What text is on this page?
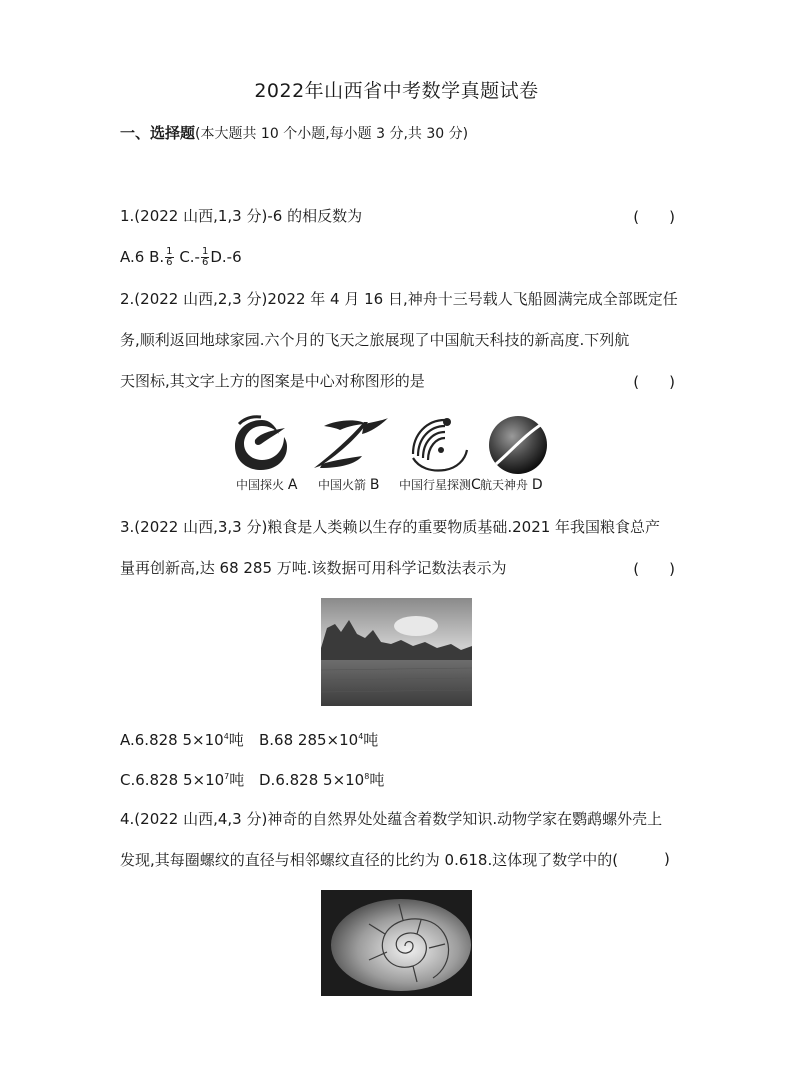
2022年山西省中考数学真题试卷
一、选择题(本大题共 10 个小题,每小题 3 分,共 30 分)
1.(2022 山西,1,3 分)-6 的相反数为	(　　)
A.6 B. $\frac{1}{6} C.- \frac{1}{6} D.-6$
2.(2022 山西,2,3 分)2022 年 4 月 16 日,神舟十三号载人飞船圆满完成全部既定任
务,顺利返回地球家园.六个月的飞天之旅展现了中国航天科技的新高度.下列航
天图标,其文字上方的图案是中心对称图形的是	(　　)
中国探火 A 中国火箭 B 中国行星探测C 航天神舟 D
3.(2022 山西,3,3 分)粮食是人类赖以生存的重要物质基础.2021 年我国粮食总产
量再创新高,达 68 285 万吨.该数据可用科学记数法表示为	(　　)
A.6.828 $5\times 10^4$吨 B.68 $285\times 10^4$吨
C.6.828 $5\times 10^7$吨 D.6.828 $5\times 10^8$吨
4.(2022 山西,4,3 分)神奇的自然界处处蕴含着数学知识.动物学家在鹦鹉螺外壳上
发现,其每圈螺纹的直径与相邻螺纹直径的比约为 0.618.这体现了数学中的(	)
